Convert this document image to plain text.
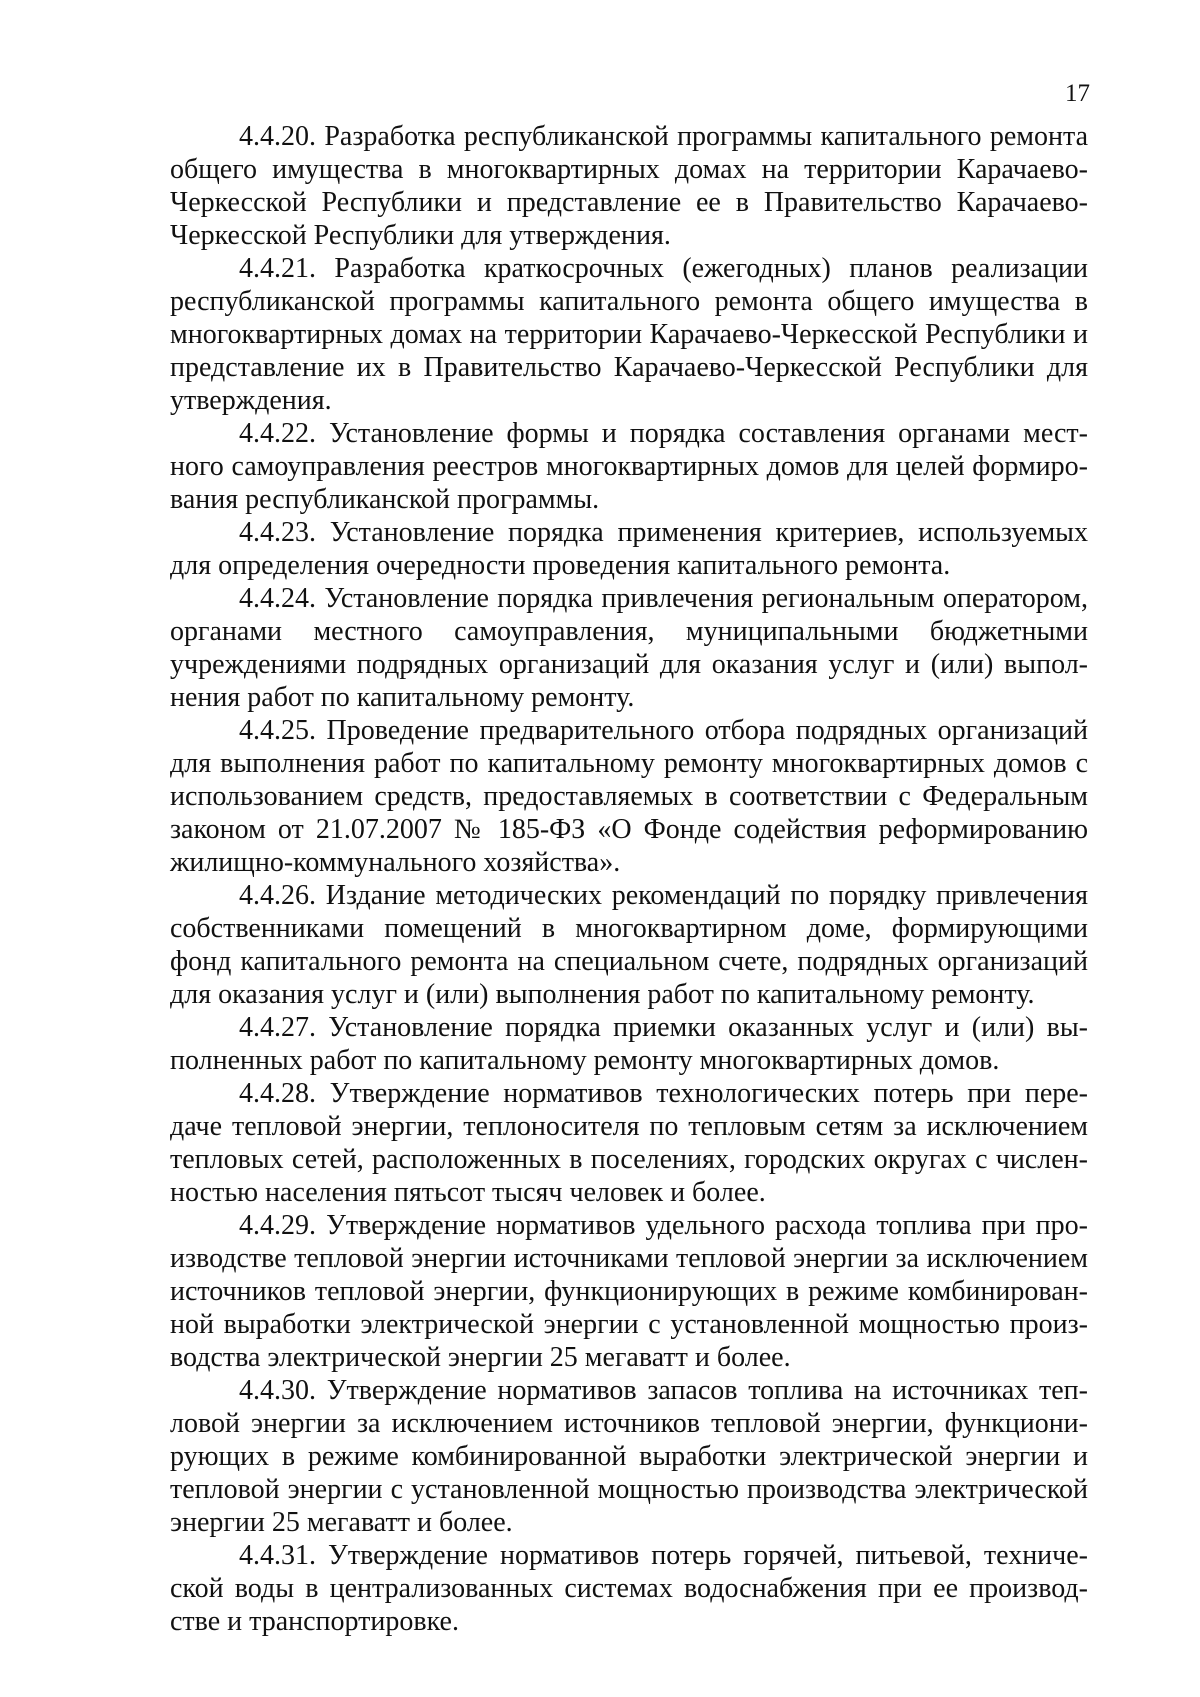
17

4.4.20. Разработка республиканской программы капитального ремонта общего имущества в многоквартирных домах на территории Карачаево-Черкесской Республики и представление ее в Правительство Карачаево-Черкесской Республики для утверждения.

4.4.21. Разработка краткосрочных (ежегодных) планов реализации республиканской программы капитального ремонта общего имущества в многоквартирных домах на территории Карачаево-Черкесской Республики и представление их в Правительство Карачаево-Черкесской Республики для утверждения.

4.4.22. Установление формы и порядка составления органами местного самоуправления реестров многоквартирных домов для целей формирования республиканской программы.

4.4.23. Установление порядка применения критериев, используемых для определения очередности проведения капитального ремонта.

4.4.24. Установление порядка привлечения региональным оператором, органами местного самоуправления, муниципальными бюджетными учреждениями подрядных организаций для оказания услуг и (или) выполнения работ по капитальному ремонту.

4.4.25. Проведение предварительного отбора подрядных организаций для выполнения работ по капитальному ремонту многоквартирных домов с использованием средств, предоставляемых в соответствии с Федеральным законом от 21.07.2007 № 185-ФЗ «О Фонде содействия реформированию жилищно-коммунального хозяйства».

4.4.26. Издание методических рекомендаций по порядку привлечения собственниками помещений в многоквартирном доме, формирующими фонд капитального ремонта на специальном счете, подрядных организаций для оказания услуг и (или) выполнения работ по капитальному ремонту.

4.4.27. Установление порядка приемки оказанных услуг и (или) выполненных работ по капитальному ремонту многоквартирных домов.

4.4.28. Утверждение нормативов технологических потерь при передаче тепловой энергии, теплоносителя по тепловым сетям за исключением тепловых сетей, расположенных в поселениях, городских округах с численностью населения пятьсот тысяч человек и более.

4.4.29. Утверждение нормативов удельного расхода топлива при производстве тепловой энергии источниками тепловой энергии за исключением источников тепловой энергии, функционирующих в режиме комбинированной выработки электрической энергии с установленной мощностью производства электрической энергии 25 мегаватт и более.

4.4.30. Утверждение нормативов запасов топлива на источниках тепловой энергии за исключением источников тепловой энергии, функционирующих в режиме комбинированной выработки электрической энергии и тепловой энергии с установленной мощностью производства электрической энергии 25 мегаватт и более.

4.4.31. Утверждение нормативов потерь горячей, питьевой, технической воды в централизованных системах водоснабжения при ее производстве и транспортировке.
